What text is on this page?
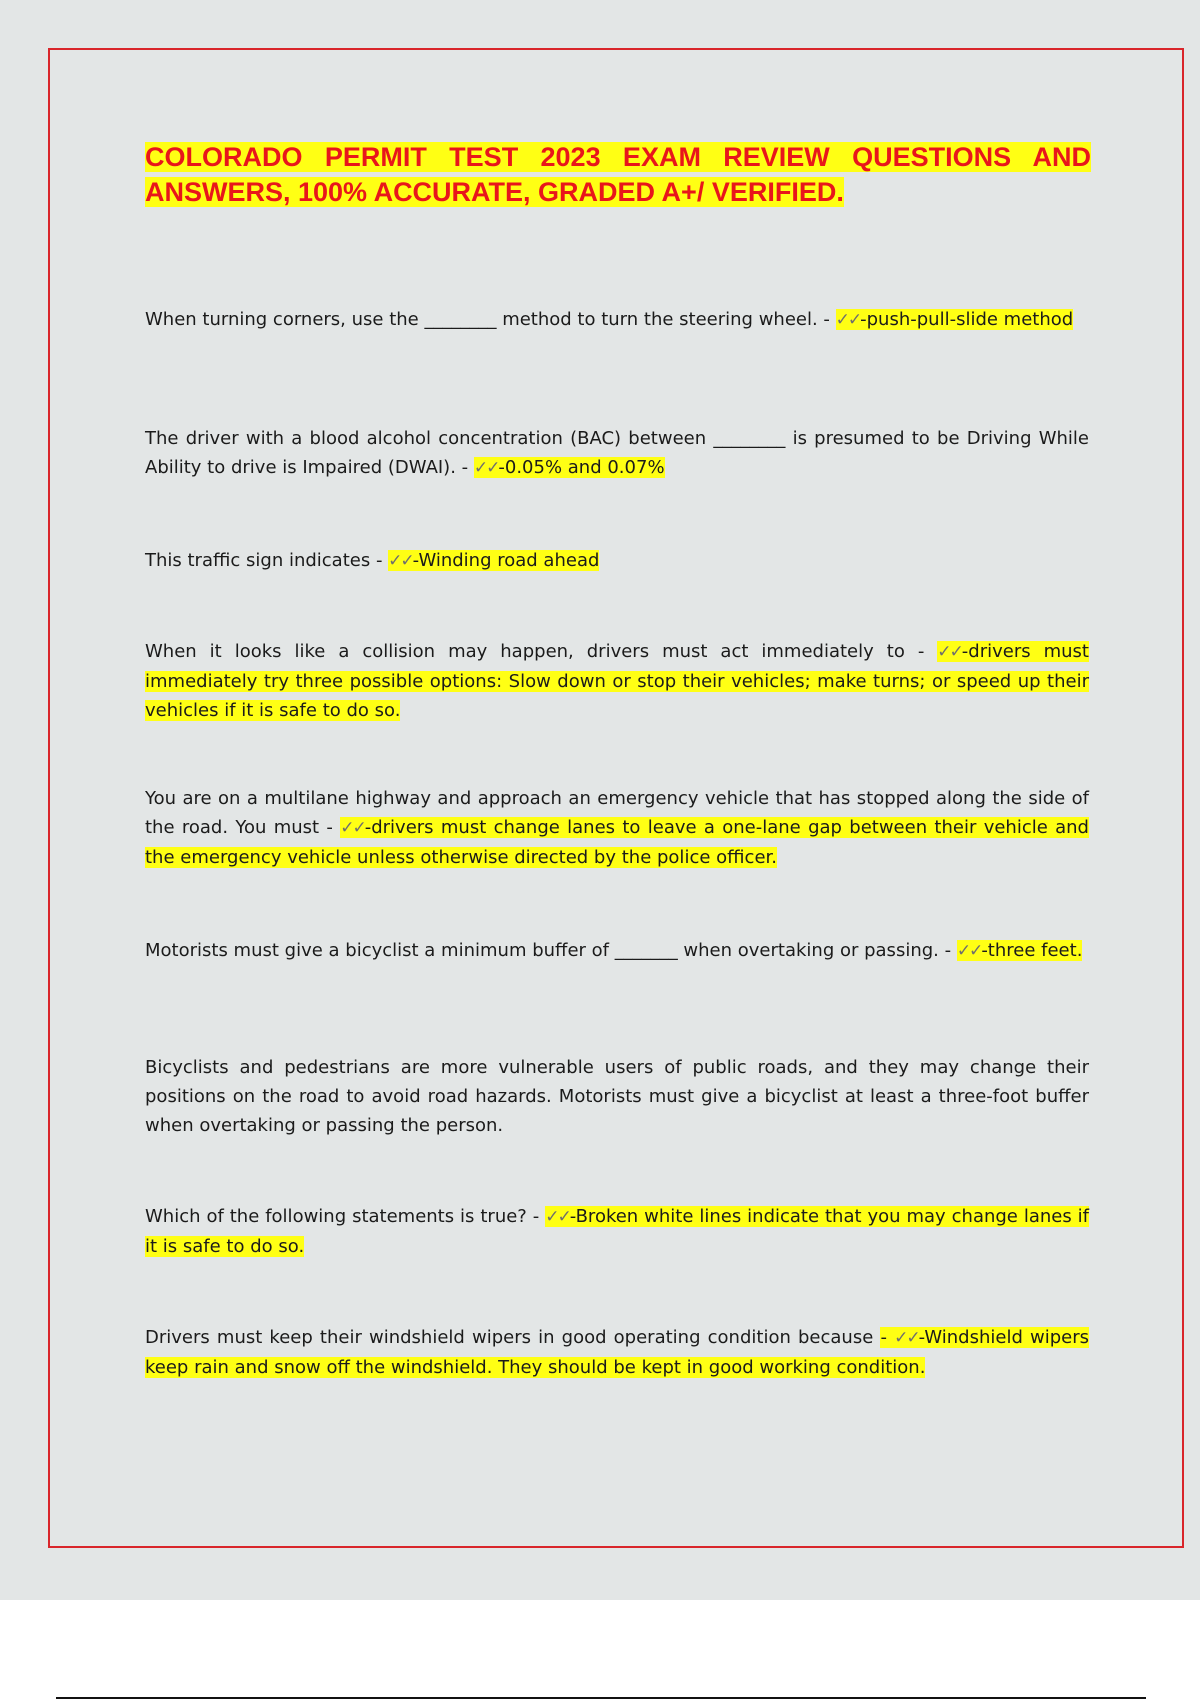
COLORADO PERMIT TEST 2023 EXAM REVIEW QUESTIONS AND ANSWERS, 100% ACCURATE, GRADED A+/ VERIFIED.

When turning corners, use the ________ method to turn the steering wheel. - ✓✓-push-pull-slide method

The driver with a blood alcohol concentration (BAC) between ________ is presumed to be Driving While Ability to drive is Impaired (DWAI). - ✓✓-0.05% and 0.07%

This traffic sign indicates - ✓✓-Winding road ahead

When it looks like a collision may happen, drivers must act immediately to - ✓✓-drivers must immediately try three possible options: Slow down or stop their vehicles; make turns; or speed up their vehicles if it is safe to do so.

You are on a multilane highway and approach an emergency vehicle that has stopped along the side of the road. You must - ✓✓-drivers must change lanes to leave a one-lane gap between their vehicle and the emergency vehicle unless otherwise directed by the police officer.

Motorists must give a bicyclist a minimum buffer of _______ when overtaking or passing. - ✓✓-three feet.

Bicyclists and pedestrians are more vulnerable users of public roads, and they may change their positions on the road to avoid road hazards. Motorists must give a bicyclist at least a three-foot buffer when overtaking or passing the person.

Which of the following statements is true? - ✓✓-Broken white lines indicate that you may change lanes if it is safe to do so.

Drivers must keep their windshield wipers in good operating condition because - ✓✓-Windshield wipers keep rain and snow off the windshield. They should be kept in good working condition.
